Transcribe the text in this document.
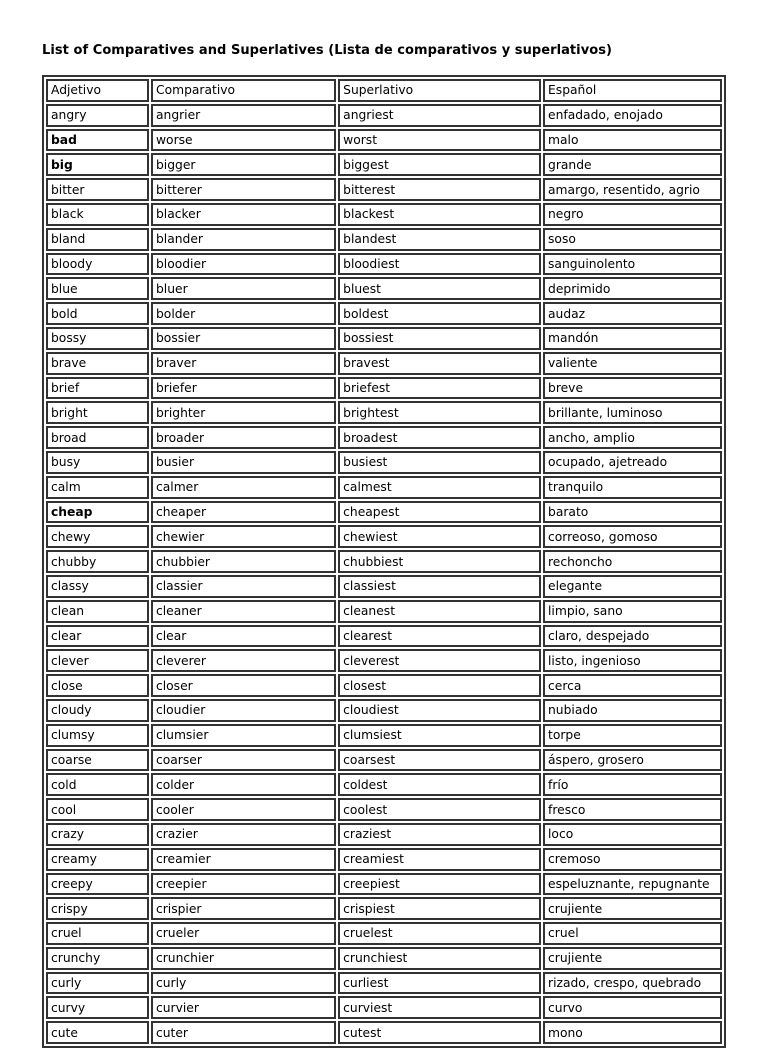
List of Comparatives and Superlatives (Lista de comparativos y superlativos)
Adjetivo	Comparativo	Superlativo	Español
angry	angrier	angriest	enfadado, enojado
bad	worse	worst	malo
big	bigger	biggest	grande
bitter	bitterer	bitterest	amargo, resentido, agrio
black	blacker	blackest	negro
bland	blander	blandest	soso
bloody	bloodier	bloodiest	sanguinolento
blue	bluer	bluest	deprimido
bold	bolder	boldest	audaz
bossy	bossier	bossiest	mandón
brave	braver	bravest	valiente
brief	briefer	briefest	breve
bright	brighter	brightest	brillante, luminoso
broad	broader	broadest	ancho, amplio
busy	busier	busiest	ocupado, ajetreado
calm	calmer	calmest	tranquilo
cheap	cheaper	cheapest	barato
chewy	chewier	chewiest	correoso, gomoso
chubby	chubbier	chubbiest	rechoncho
classy	classier	classiest	elegante
clean	cleaner	cleanest	limpio, sano
clear	clear	clearest	claro, despejado
clever	cleverer	cleverest	listo, ingenioso
close	closer	closest	cerca
cloudy	cloudier	cloudiest	nubiado
clumsy	clumsier	clumsiest	torpe
coarse	coarser	coarsest	áspero, grosero
cold	colder	coldest	frío
cool	cooler	coolest	fresco
crazy	crazier	craziest	loco
creamy	creamier	creamiest	cremoso
creepy	creepier	creepiest	espeluznante, repugnante
crispy	crispier	crispiest	crujiente
cruel	crueler	cruelest	cruel
crunchy	crunchier	crunchiest	crujiente
curly	curly	curliest	rizado, crespo, quebrado
curvy	curvier	curviest	curvo
cute	cuter	cutest	mono
